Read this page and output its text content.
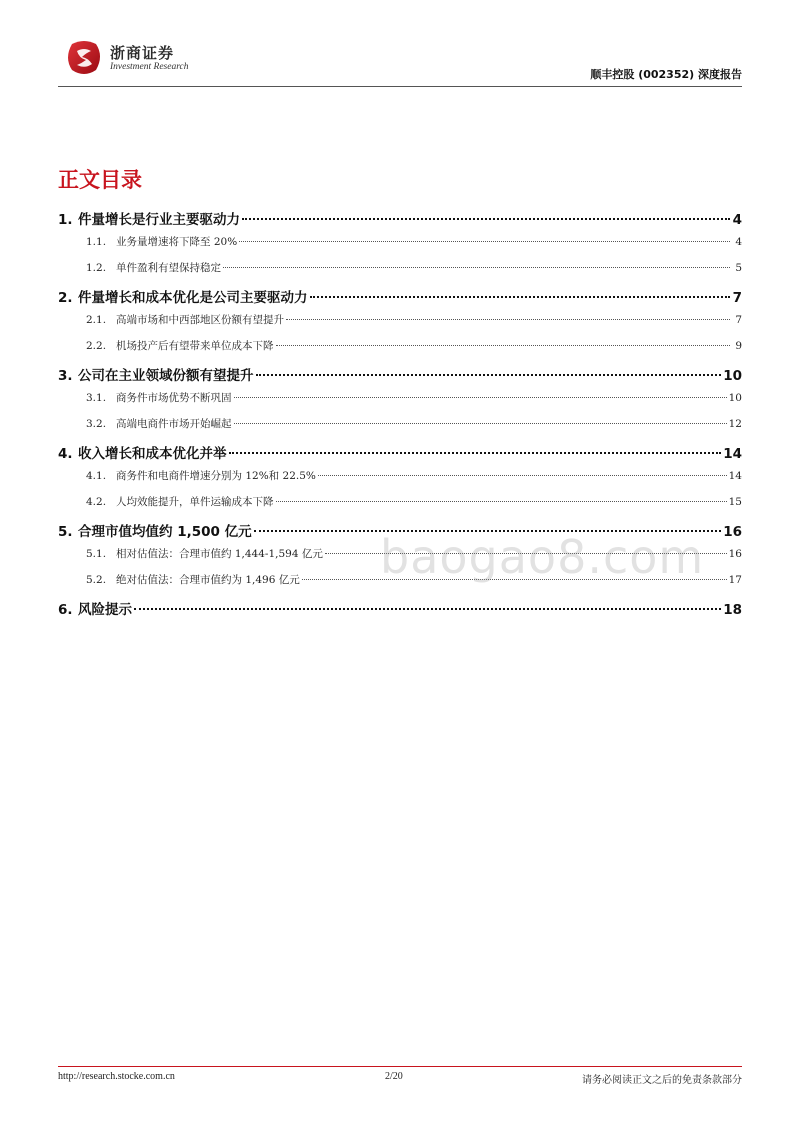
浙商证券
Investment Research
顺丰控股 (002352) 深度报告
正文目录
1. 件量增长是行业主要驱动力	4
1.1. 业务量增速将下降至 20%	4
1.2. 单件盈利有望保持稳定	5
2. 件量增长和成本优化是公司主要驱动力	7
2.1. 高端市场和中西部地区份额有望提升	7
2.2. 机场投产后有望带来单位成本下降	9
3. 公司在主业领域份额有望提升	10
3.1. 商务件市场优势不断巩固	10
3.2. 高端电商件市场开始崛起	12
4. 收入增长和成本优化并举	14
4.1. 商务件和电商件增速分别为 12%和 22.5%	14
4.2. 人均效能提升，单件运输成本下降	15
5. 合理市值均值约 1,500 亿元	16
5.1. 相对估值法：合理市值约 1,444-1,594 亿元	16
5.2. 绝对估值法：合理市值约为 1,496 亿元	17
6. 风险提示	18
baogao8.com
http://research.stocke.com.cn	2/20	请务必阅读正文之后的免责条款部分
